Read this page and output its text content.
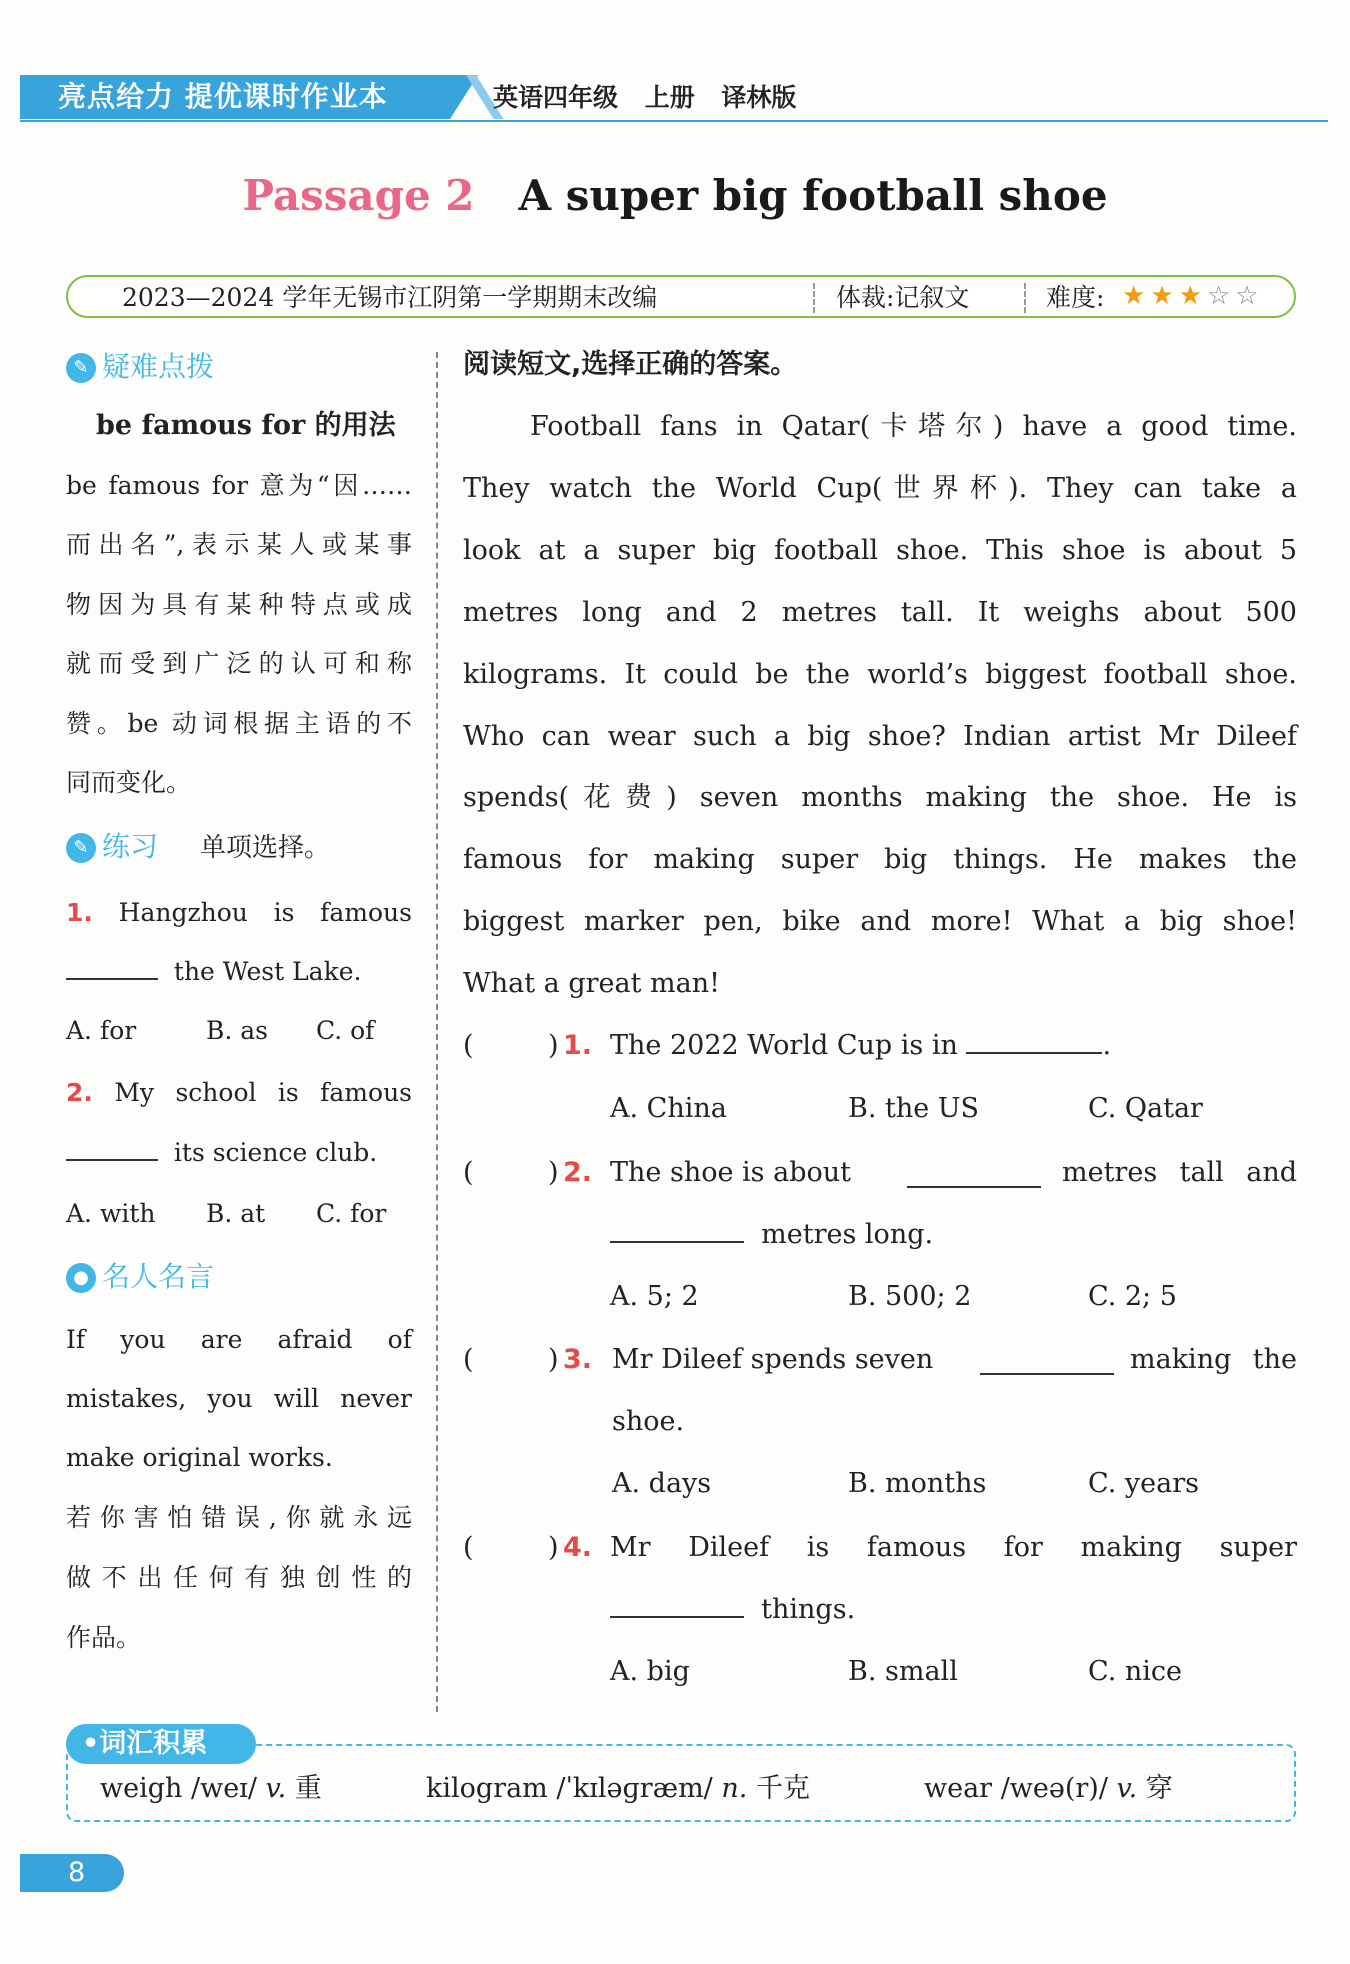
亮点给力 提优课时作业本	英语四年级 上册 译林版
Passage 2 A super big football shoe
2023—2024 学年无锡市江阴第一学期期末改编	体裁:记叙文	难度: ★★★☆☆
✎ 疑难点拨
be famous for 的用法
be famous for 意为“因……
而出名”,表示某人或某事
物因为具有某种特点或成
就而受到广泛的认可和称
赞。be 动词根据主语的不
同而变化。
✎ 练习 单项选择。
1. Hangzhou is famous
the West Lake.
A. for	B. as C. of
2. My school is famous
its science club.
A. with B. at C. for
● 名人名言
If you are afraid of
mistakes, you will never
make original works.
若你害怕错误,你就永远
做不出任何有独创性的
作品。
阅读短文,选择正确的答案。
Football fans in Qatar(卡塔尔) have a good time.
They watch the World Cup(世界杯). They can take a
look at a super big football shoe. This shoe is about 5
metres long and 2 metres tall. It weighs about 500
kilograms. It could be the world’s biggest football shoe.
Who can wear such a big shoe? Indian artist Mr Dileef
spends(花费) seven months making the shoe. He is
famous for making super big things. He makes the
biggest marker pen, bike and more! What a big shoe!
What a great man!
(	) 1. The 2022 World Cup is in	.
A. China	B. the US	C. Qatar
(	) 2. The shoe is about	metres tall and
metres long.
A. 5; 2	B. 500; 2	C. 2; 5
(	) 3. Mr Dileef spends seven	making the
shoe.
A. days	B. months	C. years
(	) 4. Mr Dileef is famous for making super
things.
A. big	B. small	C. nice
•词汇积累
weigh /weɪ/ v. 重	kilogram /ˈkɪləɡræm/ n. 千克	wear /weə(r)/ v. 穿
8
